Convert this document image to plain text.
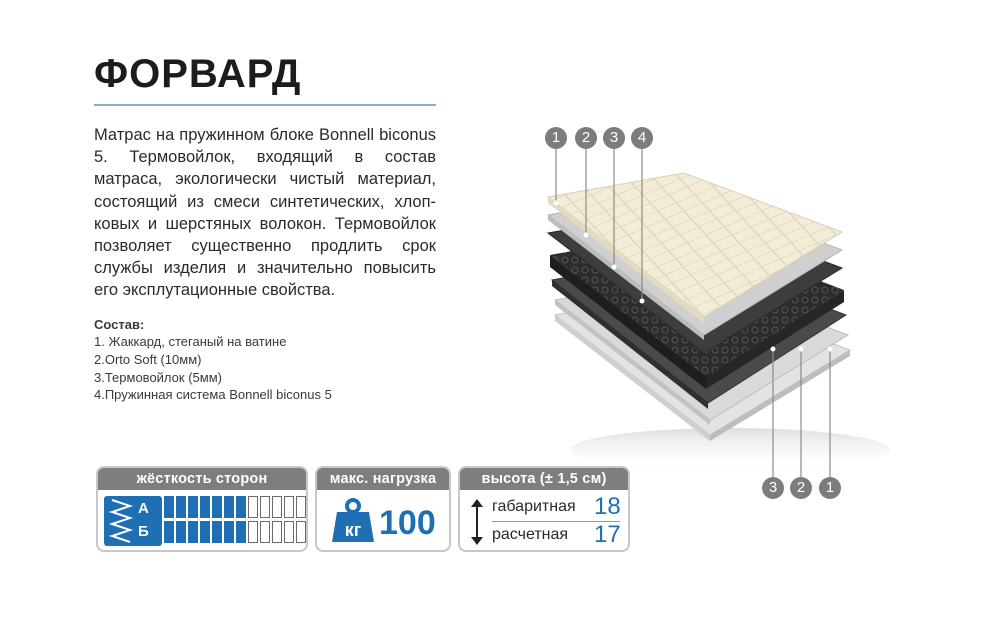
ФОРВАРД

Матрас на пружинном блоке Bonnell biconus 5. Термовойлок, входящий в состав матраса, экологически чистый материал, состоящий из смеси синтетических, хлоп-ковых и шерстяных волокон. Термовойлок позволяет существенно продлить срок службы изделия и значительно повысить его эксплутационные свойства.

Состав:
1. Жаккард, стеганый на ватине
2.Orto Soft (10мм)
3.Термовойлок (5мм)
4.Пружинная система Bonnell biconus 5
1	2	3	4
3	2	1
жёсткость сторон
А
Б
макс. нагрузка
кг 100
высота (± 1,5 см)
габаритная 18
расчетная 17
